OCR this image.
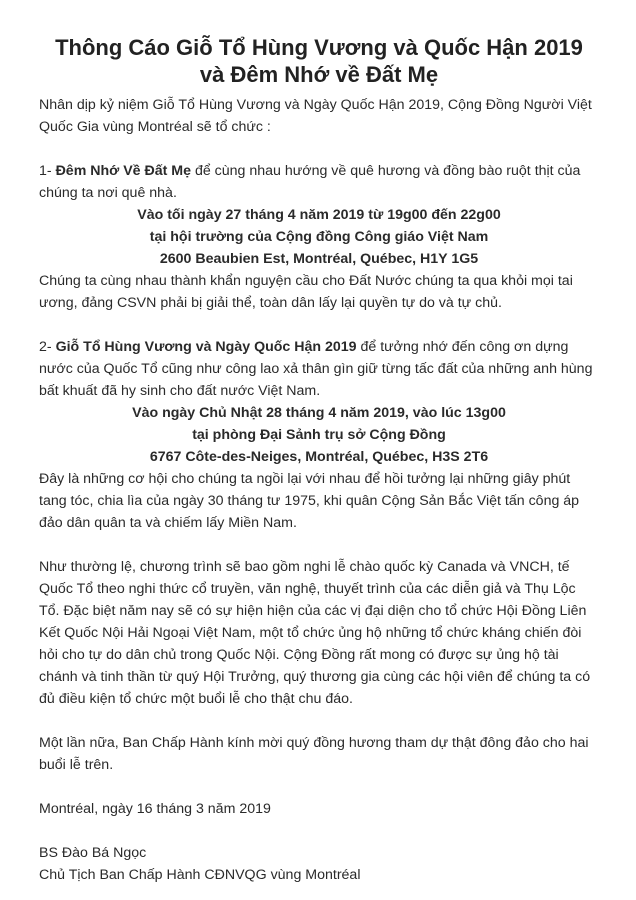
Thông Cáo Giỗ Tổ Hùng Vương và Quốc Hận 2019
và Đêm Nhớ về Đất Mẹ

Nhân dịp kỷ niệm Giỗ Tổ Hùng Vương và Ngày Quốc Hận 2019, Cộng Đồng Người Việt Quốc Gia vùng Montréal sẽ tổ chức :

1- Đêm Nhớ Về Đất Mẹ để cùng nhau hướng về quê hương và đồng bào ruột thịt của chúng ta nơi quê nhà.

Vào tối ngày 27 tháng 4 năm 2019 từ 19g00 đến 22g00
tại hội trường của Cộng đồng Công giáo Việt Nam
2600 Beaubien Est, Montréal, Québec, H1Y 1G5

Chúng ta cùng nhau thành khẩn nguyện cầu cho Đất Nước chúng ta qua khỏi mọi tai ương, đảng CSVN phải bị giải thể, toàn dân lấy lại quyền tự do và tự chủ.

2- Giỗ Tổ Hùng Vương và Ngày Quốc Hận 2019 để tưởng nhớ đến công ơn dựng nước của Quốc Tổ cũng như công lao xả thân gìn giữ từng tấc đất của những anh hùng bất khuất đã hy sinh cho đất nước Việt Nam.

Vào ngày Chủ Nhật 28 tháng 4 năm 2019, vào lúc 13g00
tại phòng Đại Sảnh trụ sở Cộng Đồng
6767 Côte-des-Neiges, Montréal, Québec, H3S 2T6

Đây là những cơ hội cho chúng ta ngồi lại với nhau để hồi tưởng lại những giây phút tang tóc, chia lìa của ngày 30 tháng tư 1975, khi quân Cộng Sản Bắc Việt tấn công áp đảo dân quân ta và chiếm lấy Miền Nam.

Như thường lệ, chương trình sẽ bao gồm nghi lễ chào quốc kỳ Canada và VNCH, tế Quốc Tổ theo nghi thức cổ truyền, văn nghệ, thuyết trình của các diễn giả và Thụ Lộc Tổ. Đặc biệt năm nay sẽ có sự hiện hiện của các vị đại diện cho tổ chức Hội Đồng Liên Kết Quốc Nội Hải Ngoại Việt Nam, một tổ chức ủng hộ những tổ chức kháng chiến đòi hỏi cho tự do dân chủ trong Quốc Nội. Cộng Đồng rất mong có được sự ủng hộ tài chánh và tinh thần từ quý Hội Trưởng, quý thương gia cùng các hội viên để chúng ta có đủ điều kiện tổ chức một buổi lễ cho thật chu đáo.

Một lần nữa, Ban Chấp Hành kính mời quý đồng hương tham dự thật đông đảo cho hai buổi lễ trên.

Montréal, ngày 16 tháng 3 năm 2019

BS Đào Bá Ngọc
Chủ Tịch Ban Chấp Hành CĐNVQG vùng Montréal
